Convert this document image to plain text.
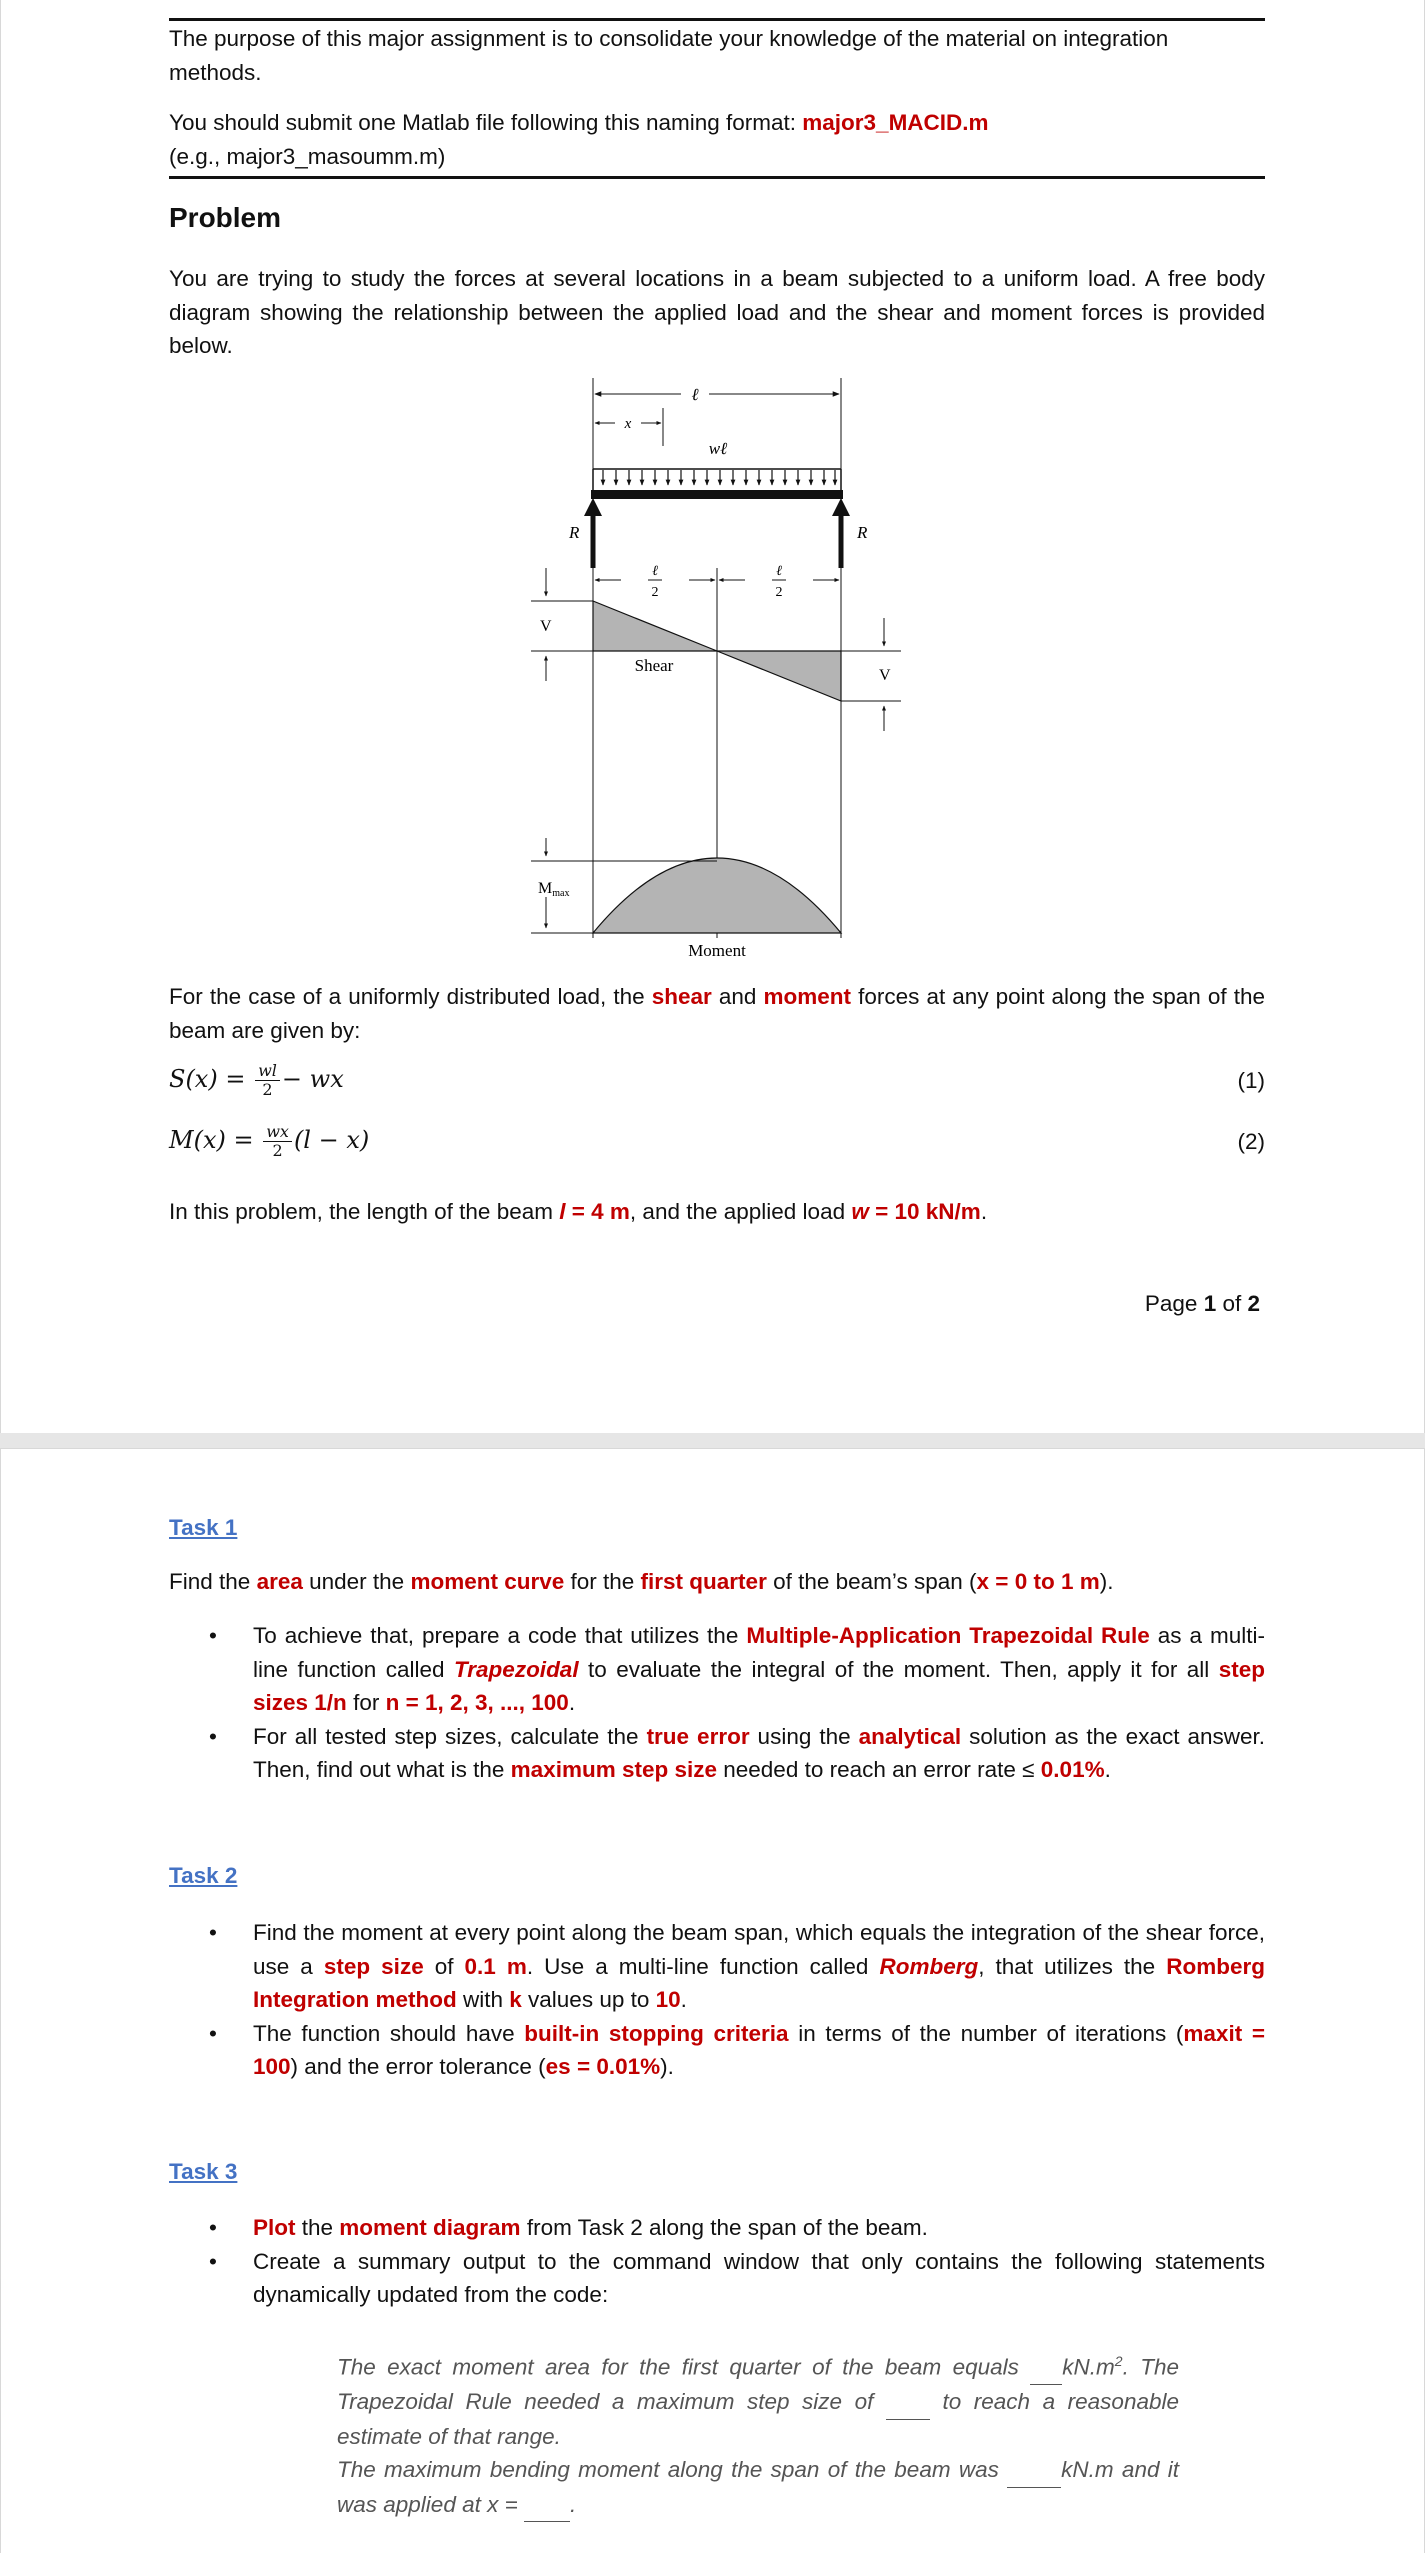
The purpose of this major assignment is to consolidate your knowledge of the material on integration methods.

You should submit one Matlab file following this naming format: major3_MACID.m
(e.g., major3_masoumm.m)

Problem

You are trying to study the forces at several locations in a beam subjected to a uniform load. A free body diagram showing the relationship between the applied load and the shear and moment forces is provided below.

ℓ
x
wℓ
R	R
ℓ
2
ℓ
2
V
V
Shear
Mmax
Moment

For the case of a uniformly distributed load, the shear and moment forces at any point along the span of the beam are given by:

$S(x) = \frac{wl}{2}$ − wx	(1)
$M(x) = \frac{wx}{2} (l - x)$	(2)

In this problem, the length of the beam l = 4 m, and the applied load w = 10 kN/m.

Page 1 of 2

Task 1

Find the area under the moment curve for the first quarter of the beam’s span (x = 0 to 1 m).

• To achieve that, prepare a code that utilizes the Multiple-Application Trapezoidal Rule as a multi-line function called Trapezoidal to evaluate the integral of the moment. Then, apply it for all step sizes 1/n for n = 1, 2, 3, ..., 100.
• For all tested step sizes, calculate the true error using the analytical solution as the exact answer. Then, find out what is the maximum step size needed to reach an error rate ≤ 0.01%.

Task 2

• Find the moment at every point along the beam span, which equals the integration of the shear force, use a step size of 0.1 m. Use a multi-line function called Romberg, that utilizes the Romberg Integration method with k values up to 10.
• The function should have built-in stopping criteria in terms of the number of iterations (maxit = 100) and the error tolerance (es = 0.01%).

Task 3

• Plot the moment diagram from Task 2 along the span of the beam.
• Create a summary output to the command window that only contains the following statements dynamically updated from the code:

The exact moment area for the first quarter of the beam equals  $kN.m^2$. The Trapezoidal Rule needed a maximum step size of   to reach a reasonable estimate of that range.
The maximum bending moment along the span of the beam was  kN.m and it was applied at x =  .
